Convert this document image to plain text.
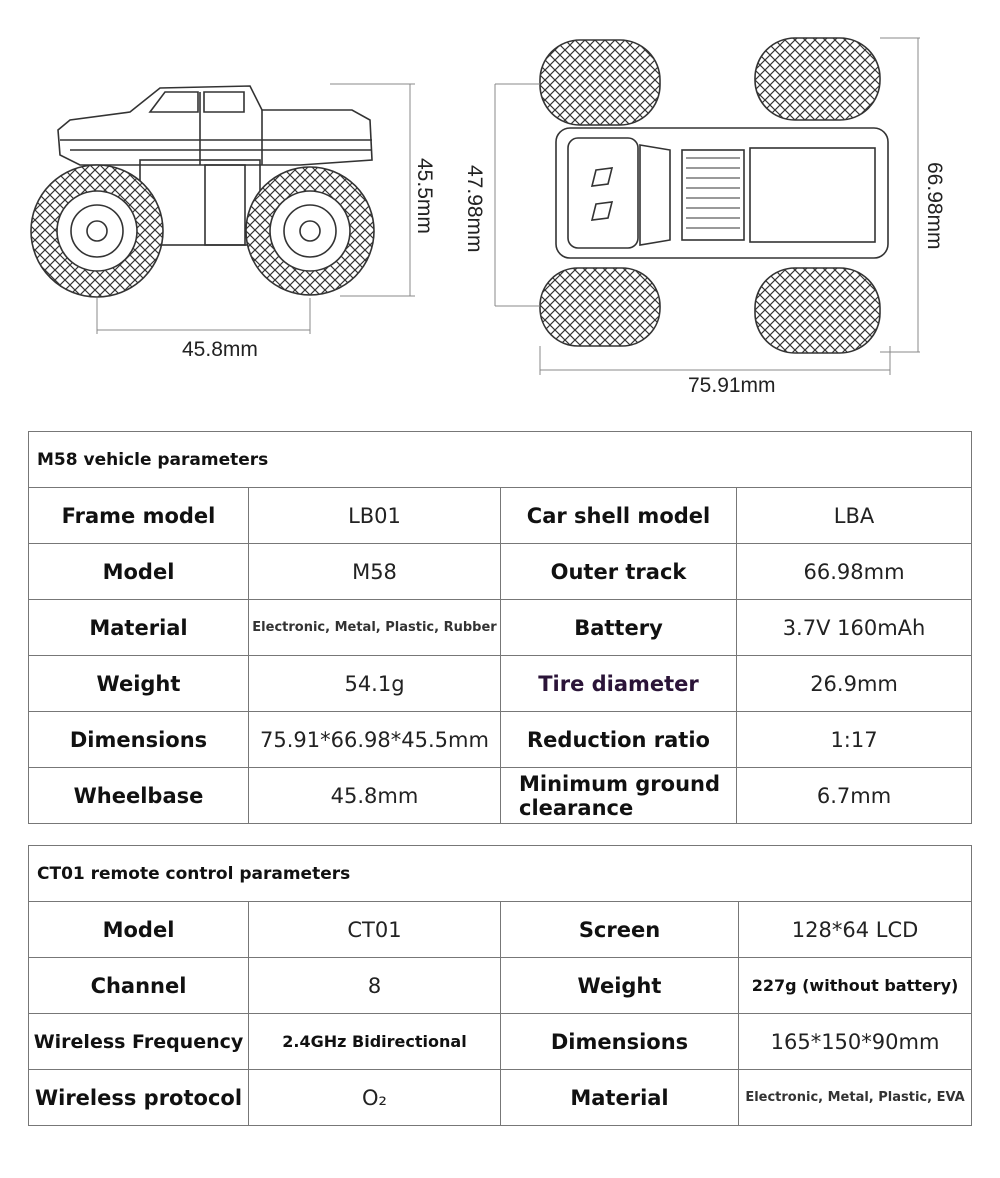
45.5mm
45.8mm
47.98mm	66.98mm
75.91mm
M58 vehicle parameters			
Frame model	LB01	Car shell model	LBA
Model	M58	Outer track	66.98mm
Material	Electronic, Metal, Plastic, Rubber	Battery	3.7V 160mAh
Weight	54.1g	Tire diameter	26.9mm
Dimensions	75.91*66.98*45.5mm	Reduction ratio	1:17
Wheelbase	45.8mm	Minimum ground clearance	6.7mm
CT01 remote control parameters			
Model	CT01	Screen	128*64 LCD
Channel	8	Weight	227g (without battery)
Wireless Frequency	2.4GHz Bidirectional	Dimensions	165*150*90mm
Wireless protocol	O₂	Material	Electronic, Metal, Plastic, EVA
